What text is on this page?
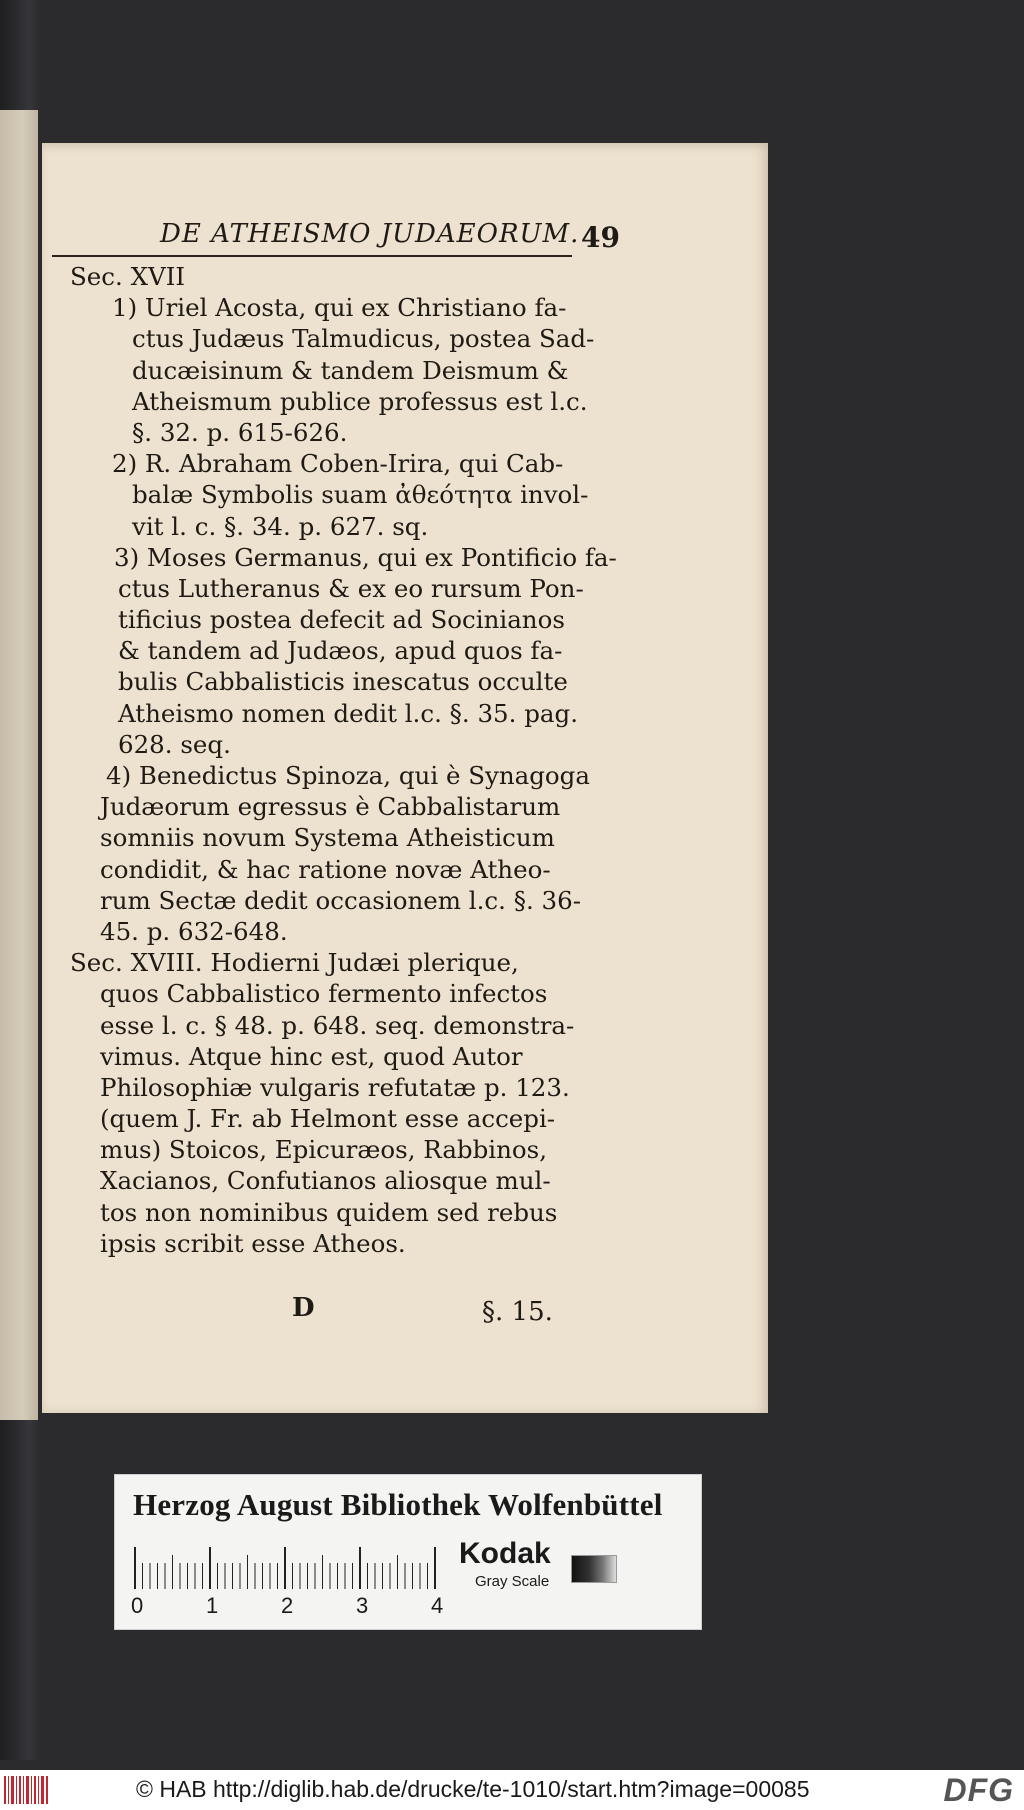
DE ATHEISMO JUDAEORUM. 49
Sec. XVII
1) Uriel Acosta, qui ex Christiano fa-
ctus Judæus Talmudicus, postea Sad-
ducæisinum & tandem Deismum &
Atheismum publice professus est l.c.
§. 32. p. 615-626.
2) R. Abraham Coben-Irira, qui Cab-
balæ Symbolis suam ἀθεότητα invol-
vit l. c. §. 34. p. 627. sq.
3) Moses Germanus, qui ex Pontificio fa-
ctus Lutheranus & ex eo rursum Pon-
tificius postea defecit ad Socinianos
& tandem ad Judæos, apud quos fa-
bulis Cabbalisticis inescatus occulte
Atheismo nomen dedit l.c. §. 35. pag.
628. seq.
4) Benedictus Spinoza, qui è Synagoga
Judæorum egressus è Cabbalistarum
somniis novum Systema Atheisticum
condidit, & hac ratione novæ Atheo-
rum Sectæ dedit occasionem l.c. §. 36-
45. p. 632-648.
Sec. XVIII. Hodierni Judæi plerique,
quos Cabbalistico fermento infectos
esse l. c. § 48. p. 648. seq. demonstra-
vimus. Atque hinc est, quod Autor
Philosophiæ vulgaris refutatæ p. 123.
(quem J. Fr. ab Helmont esse accepi-
mus) Stoicos, Epicuræos, Rabbinos,
Xacianos, Confutianos aliosque mul-
tos non nominibus quidem sed rebus
ipsis scribit esse Atheos.
D	§. 15.
Herzog August Bibliothek Wolfenbüttel
0	1	2	3	4
Kodak
Gray Scale
© HAB http://diglib.hab.de/drucke/te-1010/start.htm?image=00085	DFG
